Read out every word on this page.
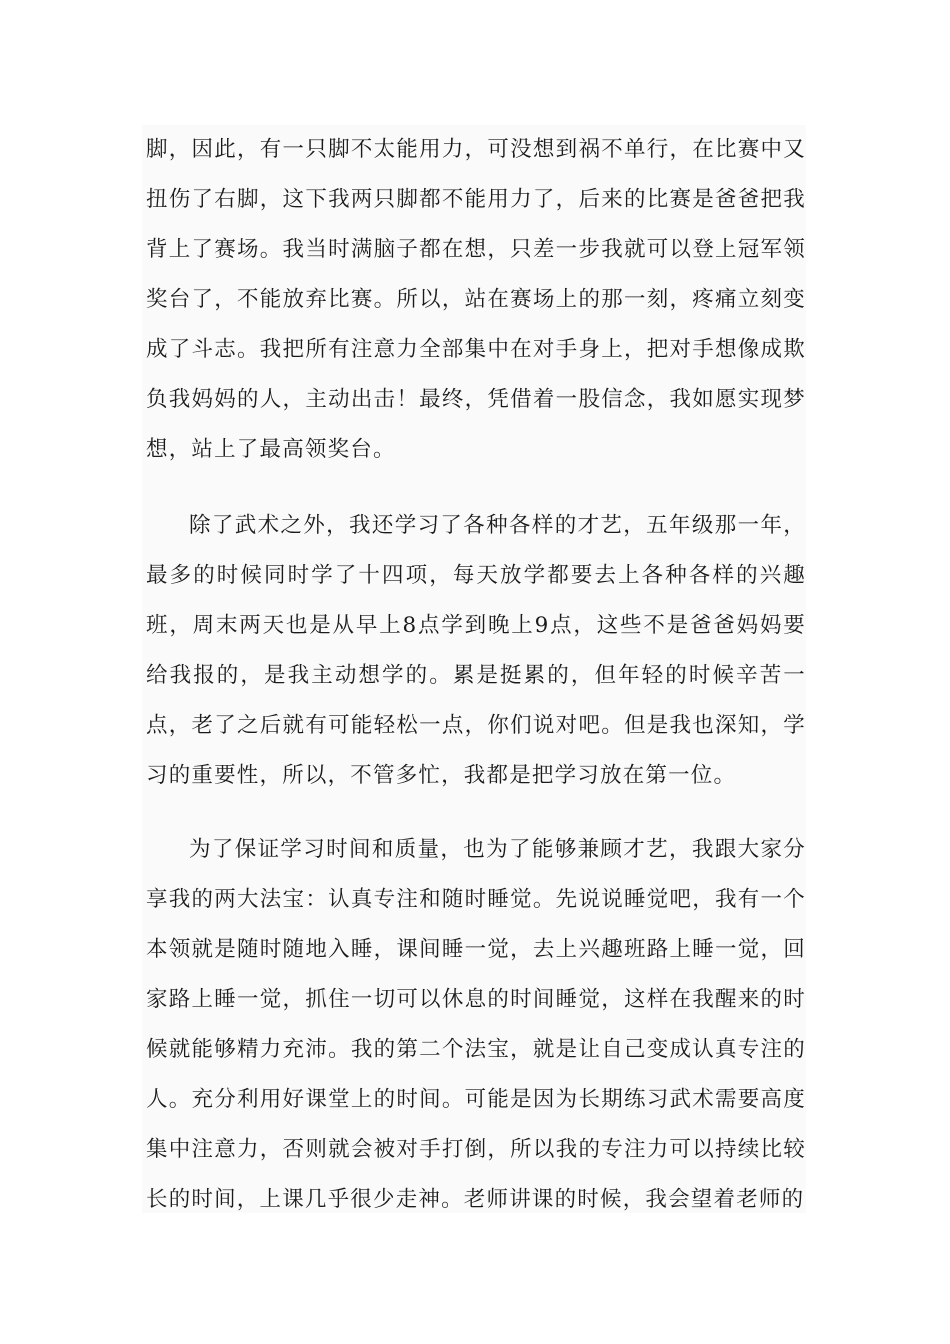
脚，因此，有一只脚不太能用力，可没想到祸不单行，在比赛中又扭伤了右脚，这下我两只脚都不能用力了，后来的比赛是爸爸把我背上了赛场。我当时满脑子都在想，只差一步我就可以登上冠军领奖台了，不能放弃比赛。所以，站在赛场上的那一刻，疼痛立刻变成了斗志。我把所有注意力全部集中在对手身上，把对手想像成欺负我妈妈的人，主动出击！最终，凭借着一股信念，我如愿实现梦想，站上了最高领奖台。

除了武术之外，我还学习了各种各样的才艺，五年级那一年，最多的时候同时学了十四项，每天放学都要去上各种各样的兴趣班，周末两天也是从早上8点学到晚上9点，这些不是爸爸妈妈要给我报的，是我主动想学的。累是挺累的，但年轻的时候辛苦一点，老了之后就有可能轻松一点，你们说对吧。但是我也深知，学习的重要性，所以，不管多忙，我都是把学习放在第一位。

为了保证学习时间和质量，也为了能够兼顾才艺，我跟大家分享我的两大法宝：认真专注和随时睡觉。先说说睡觉吧，我有一个本领就是随时随地入睡，课间睡一觉，去上兴趣班路上睡一觉，回家路上睡一觉，抓住一切可以休息的时间睡觉，这样在我醒来的时候就能够精力充沛。我的第二个法宝，就是让自己变成认真专注的人。充分利用好课堂上的时间。可能是因为长期练习武术需要高度集中注意力，否则就会被对手打倒，所以我的专注力可以持续比较长的时间，上课几乎很少走神。老师讲课的时候，我会望着老师的
